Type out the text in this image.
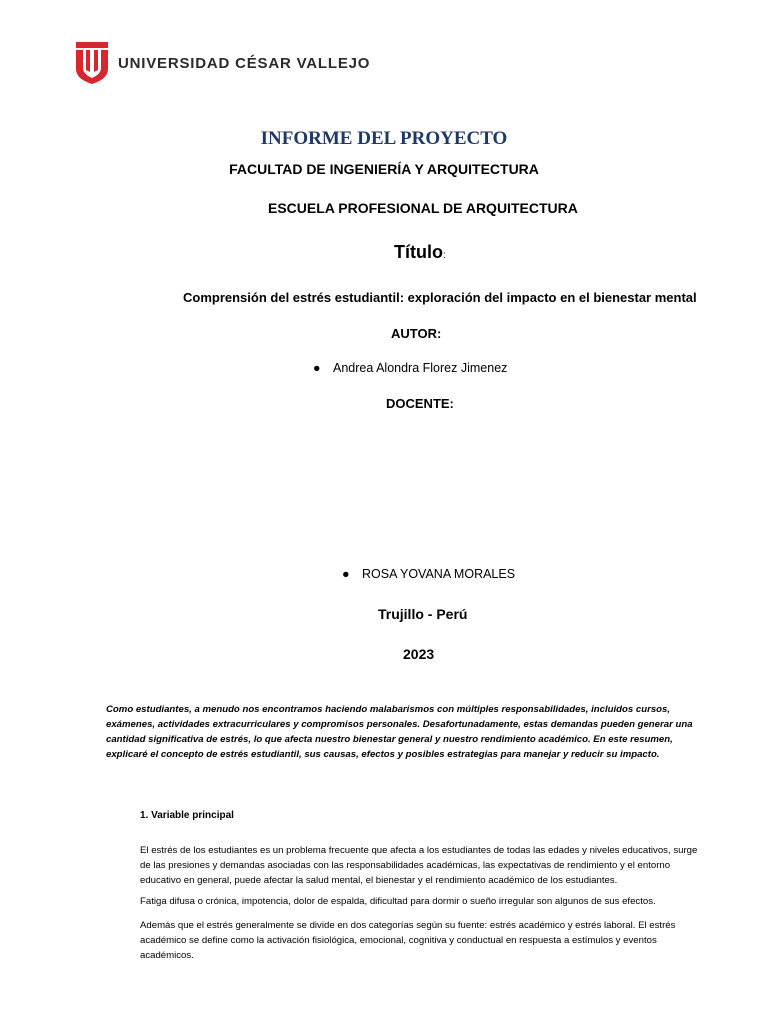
UNIVERSIDAD CÉSAR VALLEJO
INFORME DEL PROYECTO
FACULTAD DE INGENIERÍA Y ARQUITECTURA
ESCUELA PROFESIONAL DE ARQUITECTURA
Título:
Comprensión del estrés estudiantil: exploración del impacto en el bienestar mental
AUTOR:
● Andrea Alondra Florez Jimenez
DOCENTE:
● ROSA YOVANA MORALES
Trujillo - Perú
2023
Como estudiantes, a menudo nos encontramos haciendo malabarismos con múltiples responsabilidades, incluidos cursos, exámenes, actividades extracurriculares y compromisos personales. Desafortunadamente, estas demandas pueden generar una cantidad significativa de estrés, lo que afecta nuestro bienestar general y nuestro rendimiento académico. En este resumen, explicaré el concepto de estrés estudiantil, sus causas, efectos y posibles estrategias para manejar y reducir su impacto.
1. Variable principal
El estrés de los estudiantes es un problema frecuente que afecta a los estudiantes de todas las edades y niveles educativos, surge de las presiones y demandas asociadas con las responsabilidades académicas, las expectativas de rendimiento y el entorno educativo en general, puede afectar la salud mental, el bienestar y el rendimiento académico de los estudiantes.
Fatiga difusa o crónica, impotencia, dolor de espalda, dificultad para dormir o sueño irregular son algunos de sus efectos.
Además que el estrés generalmente se divide en dos categorías según su fuente: estrés académico y estrés laboral. El estrés académico se define como la activación fisiológica, emocional, cognitiva y conductual en respuesta a estímulos y eventos académicos.
